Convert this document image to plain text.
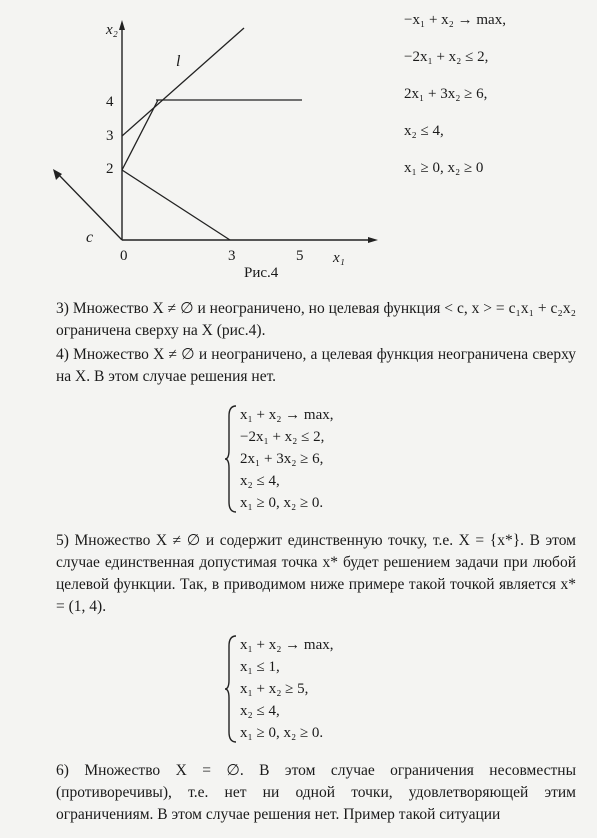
x₂
x₁
l
c
4
3
2
0	3	5
Рис.4
−x₁ + x₂ → max,
−2x₁ + x₂ ≤ 2,
2x₁ + 3x₂ ≥ 6,
x₂ ≤ 4,
x₁ ≥ 0, x₂ ≥ 0

3) Множество X ≠ ∅ и неограничено, но целевая функция < c, x > = c₁x₁ + c₂x₂ ограничена сверху на X (рис.4).

4) Множество X ≠ ∅ и неограничено, а целевая функция неограничена сверху на X. В этом случае решения нет.

x₁ + x₂ → max,
−2x₁ + x₂ ≤ 2,
2x₁ + 3x₂ ≥ 6,
x₂ ≤ 4,
x₁ ≥ 0, x₂ ≥ 0.

5) Множество X ≠ ∅ и содержит единственную точку, т.е. X = {x*}. В этом случае единственная допустимая точка x* будет решением задачи при любой целевой функции. Так, в приводимом ниже примере такой точкой является x* = (1, 4).

x₁ + x₂ → max,
x₁ ≤ 1,
x₁ + x₂ ≥ 5,
x₂ ≤ 4,
x₁ ≥ 0, x₂ ≥ 0.

6) Множество X = ∅. В этом случае ограничения несовместны (противоречивы), т.е. нет ни одной точки, удовлетворяющей этим ограничениям. В этом случае решения нет. Пример такой ситуации
